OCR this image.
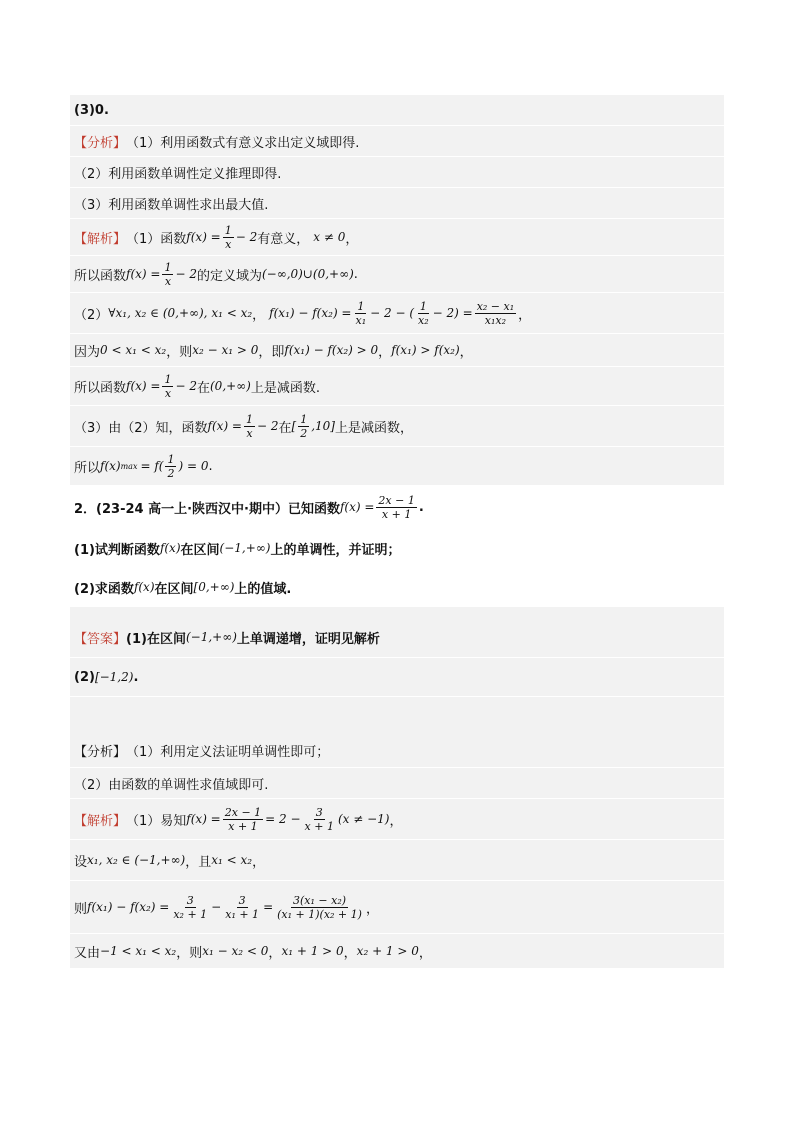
(3)0.
【分析】 （1）利用函数式有意义求出定义域即得.
（2）利用函数单调性定义推理即得.
（3）利用函数单调性求出最大值.
【解析】 （1）函数 $f(x) = \frac{1}{x} - 2$ 有意义， x ≠ 0 ，
所以函数 $f(x) = \frac{1}{x} - 2$ 的定义域为 (−∞,0)∪(0,+∞) .
（2） ∀x₁, x₂ ∈ (0,+∞), x₁ < x₂ ， $f(x_1) - f(x_2) = \frac{1}{\text{x₁}} - 2$ − ( $\frac{1}{\text{x₂}} - 2) = \frac{\text{x₂ − x₁}}{\text{x₁x₂}}$ ，
因为 0 < x₁ < x₂ ，则 x₂ − x₁ > 0 ，即 f(x₁) − f(x₂) > 0 ， f(x₁) > f(x₂) ，
所以函数 $f(x) = \frac{1}{x} - 2$ 在 (0,+∞) 上是减函数.
（3）由（2）知，函数 $f(x) = \frac{1}{x} - 2$ 在 [ $\frac{1}{2} ,10$] 上是减函数，
所以 f(x) $\max = f( \frac{1}{2}$ ) = 0 .
2．(23-24 高一上·陕西汉中·期中）已知函数 $f(x) = \frac{2x - 1}{x + 1}$ .
(1)试判断函数 f(x) 在区间 (−1,+∞) 上的单调性，并证明；
(2)求函数 f(x) 在区间 [0,+∞) 上的值域.
【答案】 (1)在区间 (−1,+∞) 上单调递增，证明见解析
(2) [−1,2) .
【分析】 （1）利用定义法证明单调性即可；
（2）由函数的单调性求值域即可.
【解析】 （1）易知 $f(x) = \frac{2x - 1}{x + 1} = 2 - \frac{3}{x + 1} (x \ne -1)$ ，
设 x₁, x₂ ∈ (−1,+∞) ，且 x₁ < x₂ ，
则 $f(x_1) - f(x_2) = \frac{3}{\text{x₂ + 1}} - \frac{3}{\text{x₁ + 1}} = \frac{\text{3(x₁ − x₂)}}{\text{(x₁ + 1)(x₂ + 1)}}$ ，
又由 −1 < x₁ < x₂ ，则 x₁ − x₂ < 0 ， x₁ + 1 > 0 ， x₂ + 1 > 0 ，
